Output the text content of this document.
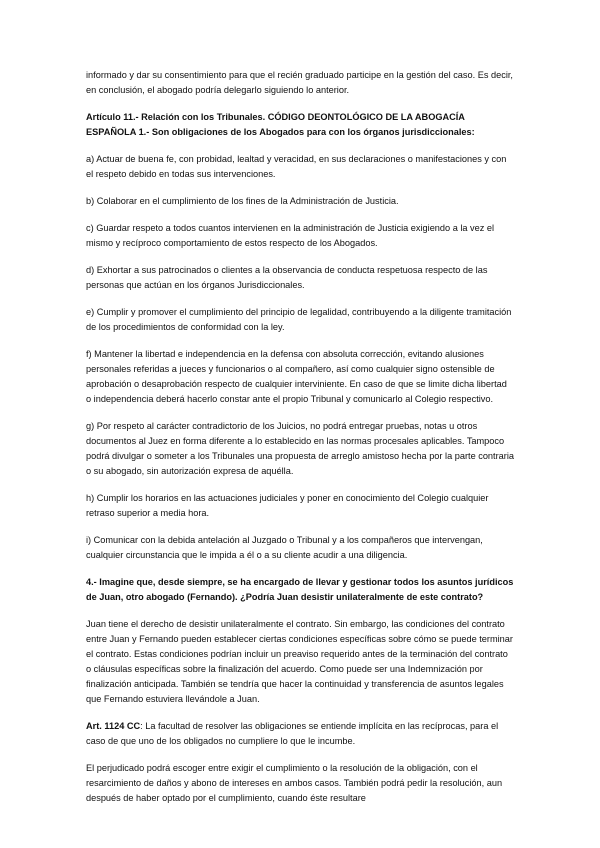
informado y dar su consentimiento para que el recién graduado participe en la gestión del caso. Es decir, en conclusión, el abogado podría delegarlo siguiendo lo anterior.

Artículo 11.- Relación con los Tribunales. CÓDIGO DEONTOLÓGICO DE LA ABOGACÍA ESPAÑOLA 1.- Son obligaciones de los Abogados para con los órganos jurisdiccionales:

a) Actuar de buena fe, con probidad, lealtad y veracidad, en sus declaraciones o manifestaciones y con el respeto debido en todas sus intervenciones.

b) Colaborar en el cumplimiento de los fines de la Administración de Justicia.

c) Guardar respeto a todos cuantos intervienen en la administración de Justicia exigiendo a la vez el mismo y recíproco comportamiento de estos respecto de los Abogados.

d) Exhortar a sus patrocinados o clientes a la observancia de conducta respetuosa respecto de las personas que actúan en los órganos Jurisdiccionales.

e) Cumplir y promover el cumplimiento del principio de legalidad, contribuyendo a la diligente tramitación de los procedimientos de conformidad con la ley.

f) Mantener la libertad e independencia en la defensa con absoluta corrección, evitando alusiones personales referidas a jueces y funcionarios o al compañero, así como cualquier signo ostensible de aprobación o desaprobación respecto de cualquier interviniente. En caso de que se limite dicha libertad o independencia deberá hacerlo constar ante el propio Tribunal y comunicarlo al Colegio respectivo.

g) Por respeto al carácter contradictorio de los Juicios, no podrá entregar pruebas, notas u otros documentos al Juez en forma diferente a lo establecido en las normas procesales aplicables. Tampoco podrá divulgar o someter a los Tribunales una propuesta de arreglo amistoso hecha por la parte contraria o su abogado, sin autorización expresa de aquélla.

h) Cumplir los horarios en las actuaciones judiciales y poner en conocimiento del Colegio cualquier retraso superior a media hora.

i) Comunicar con la debida antelación al Juzgado o Tribunal y a los compañeros que intervengan, cualquier circunstancia que le impida a él o a su cliente acudir a una diligencia.

4.- Imagine que, desde siempre, se ha encargado de llevar y gestionar todos los asuntos jurídicos de Juan, otro abogado (Fernando). ¿Podría Juan desistir unilateralmente de este contrato?

Juan tiene el derecho de desistir unilateralmente el contrato. Sin embargo, las condiciones del contrato entre Juan y Fernando pueden establecer ciertas condiciones específicas sobre cómo se puede terminar el contrato. Estas condiciones podrían incluir un preaviso requerido antes de la terminación del contrato o cláusulas específicas sobre la finalización del acuerdo. Como puede ser una Indemnización por finalización anticipada. También se tendría que hacer la continuidad y transferencia de asuntos legales que Fernando estuviera llevándole a Juan.

Art. 1124 CC: La facultad de resolver las obligaciones se entiende implícita en las recíprocas, para el caso de que uno de los obligados no cumpliere lo que le incumbe.

El perjudicado podrá escoger entre exigir el cumplimiento o la resolución de la obligación, con el resarcimiento de daños y abono de intereses en ambos casos. También podrá pedir la resolución, aun después de haber optado por el cumplimiento, cuando éste resultare
